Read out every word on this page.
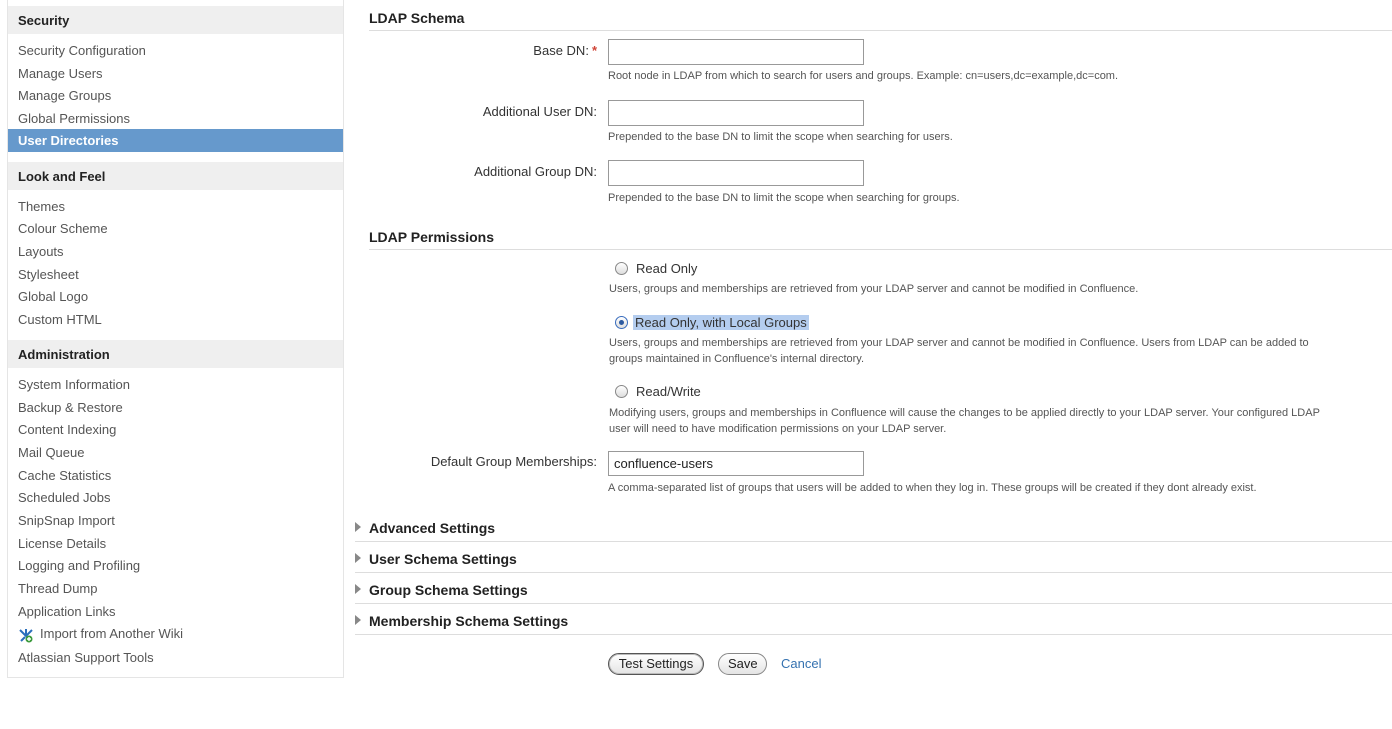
Security
Security Configuration
Manage Users
Manage Groups
Global Permissions
User Directories
Look and Feel
Themes
Colour Scheme
Layouts
Stylesheet
Global Logo
Custom HTML
Administration
System Information
Backup & Restore
Content Indexing
Mail Queue
Cache Statistics
Scheduled Jobs
SnipSnap Import
License Details
Logging and Profiling
Thread Dump
Application Links
Import from Another Wiki
Atlassian Support Tools
LDAP Schema
Base DN: *
Root node in LDAP from which to search for users and groups. Example: cn=users,dc=example,dc=com.
Additional User DN:
Prepended to the base DN to limit the scope when searching for users.
Additional Group DN:
Prepended to the base DN to limit the scope when searching for groups.
LDAP Permissions
Read Only
Users, groups and memberships are retrieved from your LDAP server and cannot be modified in Confluence.
Read Only, with Local Groups
Users, groups and memberships are retrieved from your LDAP server and cannot be modified in Confluence. Users from LDAP can be added to
groups maintained in Confluence's internal directory.
Read/Write
Modifying users, groups and memberships in Confluence will cause the changes to be applied directly to your LDAP server. Your configured LDAP
user will need to have modification permissions on your LDAP server.
Default Group Memberships:
confluence-users
A comma-separated list of groups that users will be added to when they log in. These groups will be created if they dont already exist.
Advanced Settings
User Schema Settings
Group Schema Settings
Membership Schema Settings
Test Settings	Save	Cancel
